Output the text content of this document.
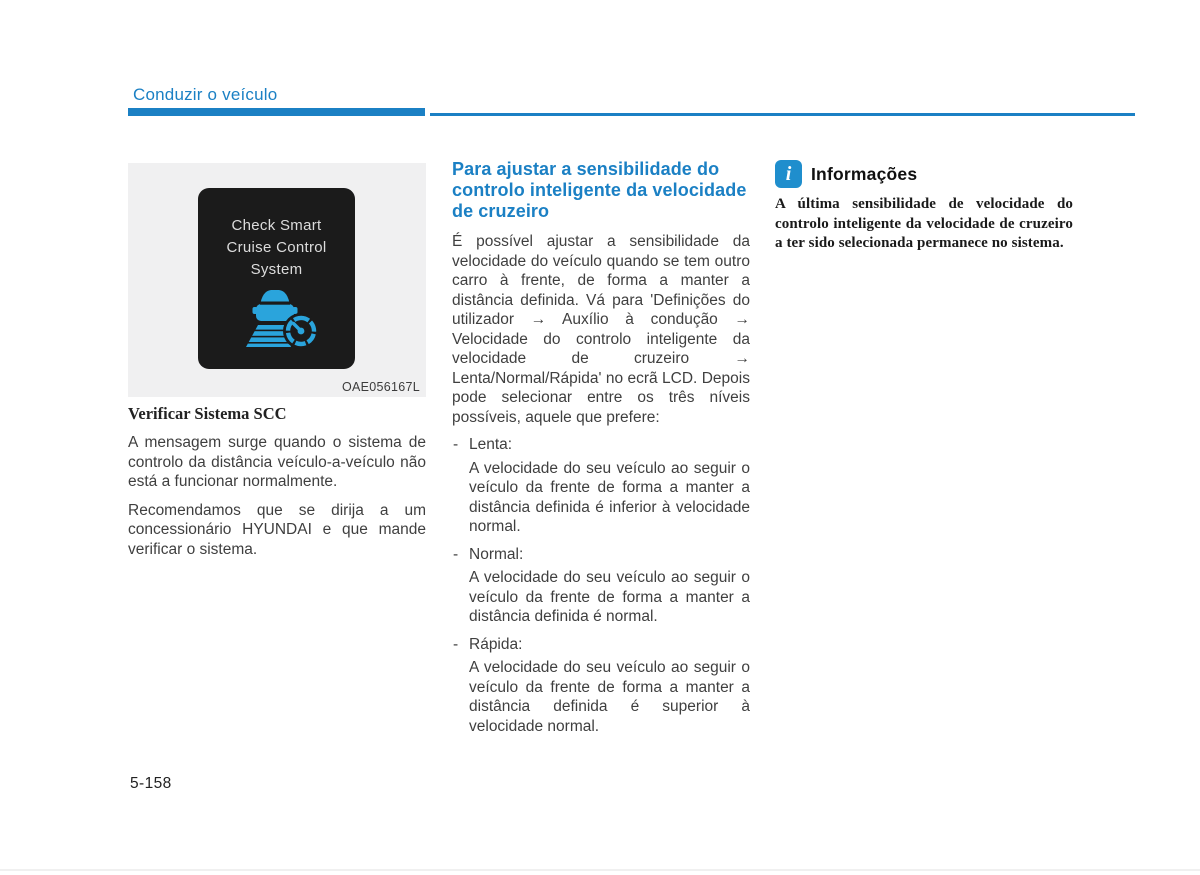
Conduzir o veículo
Check Smart
Cruise Control
System
OAE056167L
Verificar Sistema SCC

A mensagem surge quando o sistema de controlo da distância veículo-a-veículo não está a funcionar normalmente.

Recomendamos que se dirija a um concessionário HYUNDAI e que mande verificar o sistema.

Para ajustar a sensibilidade do controlo inteligente da velocidade de cruzeiro

É possível ajustar a sensibilidade da velocidade do veículo quando se tem outro carro à frente, de forma a manter a distância definida. Vá para 'Definições do utilizador → Auxílio à condução → Velocidade do controlo inteligente da velocidade de cruzeiro → Lenta/Normal/Rápida' no ecrã LCD. Depois pode selecionar entre os três níveis possíveis, aquele que prefere:

- Lenta:

A velocidade do seu veículo ao seguir o veículo da frente de forma a manter a distância definida é inferior à velocidade normal.

- Normal:

A velocidade do seu veículo ao seguir o veículo da frente de forma a manter a distância definida é normal.

- Rápida:

A velocidade do seu veículo ao seguir o veículo da frente de forma a manter a distância definida é superior à velocidade normal.

i	Informações

A última sensibilidade de velocidade do controlo inteligente da velocidade de cruzeiro a ter sido selecionada permanece no sistema.

5-158
